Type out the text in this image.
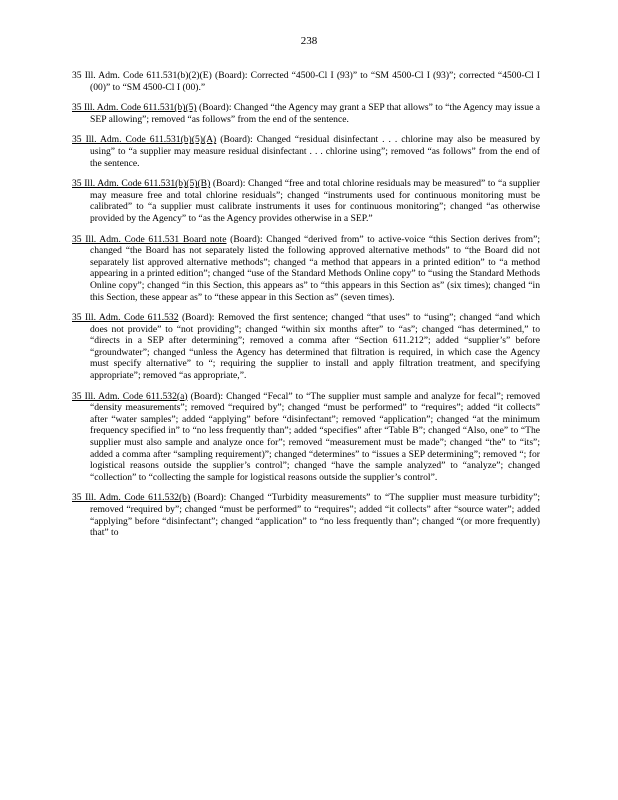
238

35 Ill. Adm. Code 611.531(b)(2)(E) (Board): Corrected “4500-Cl I (93)” to “SM 4500-Cl I (93)”; corrected “4500-Cl I (00)” to “SM 4500-Cl I (00).”

35 Ill. Adm. Code 611.531(b)(5) (Board): Changed “the Agency may grant a SEP that allows” to “the Agency may issue a SEP allowing”; removed “as follows” from the end of the sentence.

35 Ill. Adm. Code 611.531(b)(5)(A) (Board): Changed “residual disinfectant . . . chlorine may also be measured by using” to “a supplier may measure residual disinfectant . . . chlorine using”; removed “as follows” from the end of the sentence.

35 Ill. Adm. Code 611.531(b)(5)(B) (Board): Changed “free and total chlorine residuals may be measured” to “a supplier may measure free and total chlorine residuals”; changed “instruments used for continuous monitoring must be calibrated” to “a supplier must calibrate instruments it uses for continuous monitoring”; changed “as otherwise provided by the Agency” to “as the Agency provides otherwise in a SEP.”

35 Ill. Adm. Code 611.531 Board note (Board): Changed “derived from” to active-voice “this Section derives from”; changed “the Board has not separately listed the following approved alternative methods” to “the Board did not separately list approved alternative methods”; changed “a method that appears in a printed edition” to “a method appearing in a printed edition”; changed “use of the Standard Methods Online copy” to “using the Standard Methods Online copy”; changed “in this Section, this appears as” to “this appears in this Section as” (six times); changed “in this Section, these appear as” to “these appear in this Section as” (seven times).

35 Ill. Adm. Code 611.532 (Board): Removed the first sentence; changed “that uses” to “using”; changed “and which does not provide” to “not providing”; changed “within six months after” to “as”; changed “has determined,” to “directs in a SEP after determining”; removed a comma after “Section 611.212”; added “supplier’s” before “groundwater”; changed “unless the Agency has determined that filtration is required, in which case the Agency must specify alternative” to “; requiring the supplier to install and apply filtration treatment, and specifying appropriate”; removed “as appropriate,”.

35 Ill. Adm. Code 611.532(a) (Board): Changed “Fecal” to “The supplier must sample and analyze for fecal”; removed “density measurements”; removed “required by”; changed “must be performed” to “requires”; added “it collects” after “water samples”; added “applying” before “disinfectant”; removed “application”; changed “at the minimum frequency specified in” to “no less frequently than”; added “specifies” after “Table B”; changed “Also, one” to “The supplier must also sample and analyze once for”; removed “measurement must be made”; changed “the” to “its”; added a comma after “sampling requirement)”; changed “determines” to “issues a SEP determining”; removed “; for logistical reasons outside the supplier’s control”; changed “have the sample analyzed” to “analyze”; changed “collection” to “collecting the sample for logistical reasons outside the supplier’s control”.

35 Ill. Adm. Code 611.532(b) (Board): Changed “Turbidity measurements” to “The supplier must measure turbidity”; removed “required by”; changed “must be performed” to “requires”; added “it collects” after “source water”; added “applying” before “disinfectant”; changed “application” to “no less frequently than”; changed “(or more frequently) that” to
